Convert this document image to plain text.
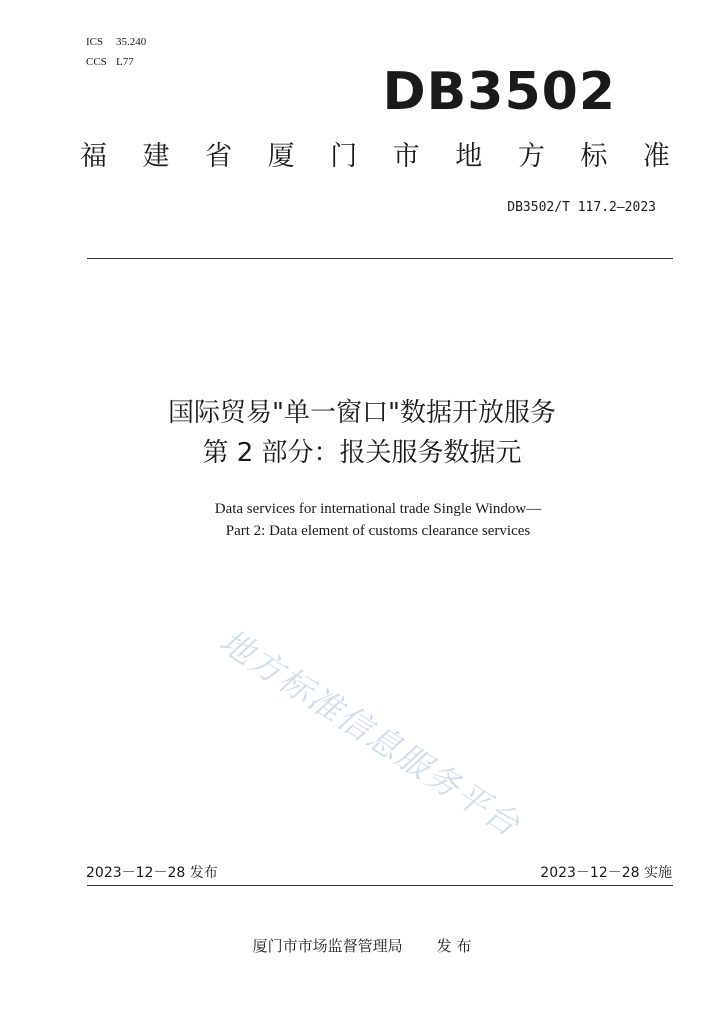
ICS 35.240
CCS L77	DB3502
福 建 省 厦 门 市 地 方 标 准
DB3502/T 117.2—2023
国际贸易"单一窗口"数据开放服务
第 2 部分：报关服务数据元
Data services for international trade Single Window—
Part 2: Data element of customs clearance services
地方标准信息服务平台
2023－12－28 发布	2023－12－28 实施
厦门市市场监督管理局 发 布
